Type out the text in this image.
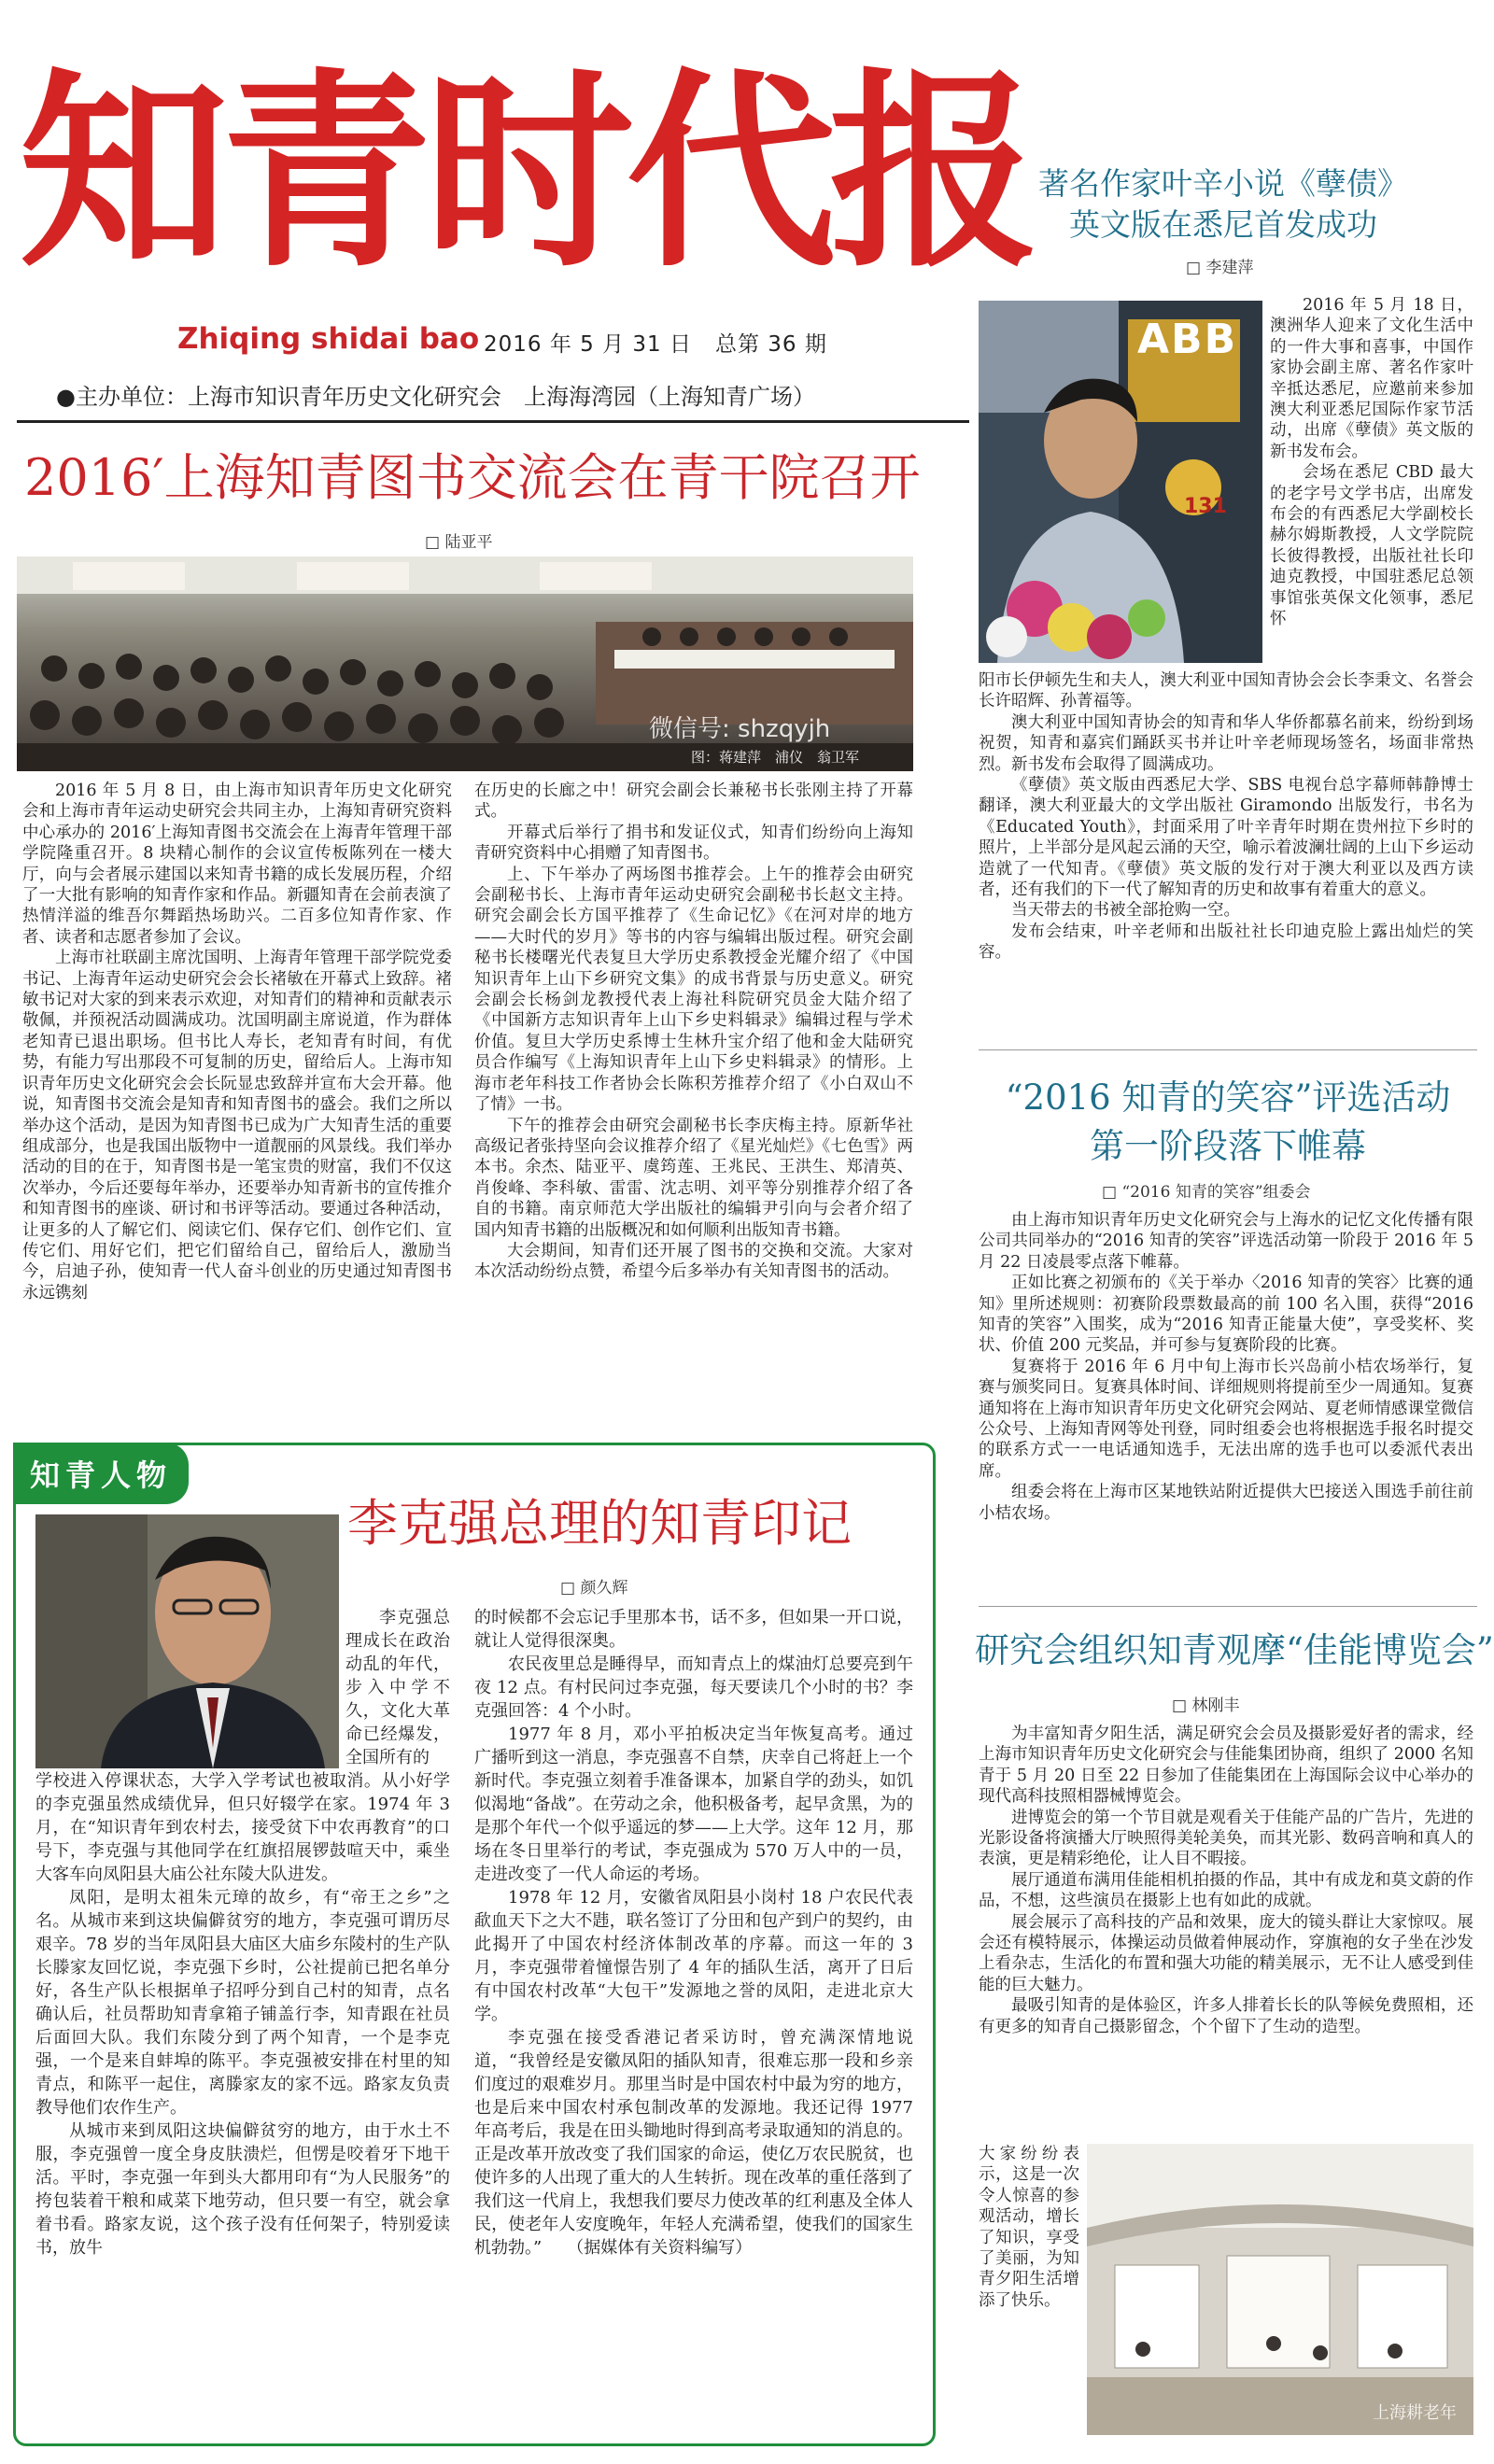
知青时代报
Zhiqing shidai bao 2016 年 5 月 31 日 总第 36 期
●主办单位：上海市知识青年历史文化研究会　上海海湾园（上海知青广场）
2016′上海知青图书交流会在青干院召开
□ 陆亚平
微信号: shzqyjh
图：蒋建萍　浦仪　翁卫军

2016 年 5 月 8 日，由上海市知识青年历史文化研究会和上海市青年运动史研究会共同主办，上海知青研究资料中心承办的 2016′上海知青图书交流会在上海青年管理干部学院隆重召开。8 块精心制作的会议宣传板陈列在一楼大厅，向与会者展示建国以来知青书籍的成长发展历程，介绍了一大批有影响的知青作家和作品。新疆知青在会前表演了热情洋溢的维吾尔舞蹈热场助兴。二百多位知青作家、作者、读者和志愿者参加了会议。

上海市社联副主席沈国明、上海青年管理干部学院党委书记、上海青年运动史研究会会长褚敏在开幕式上致辞。褚敏书记对大家的到来表示欢迎，对知青们的精神和贡献表示敬佩，并预祝活动圆满成功。沈国明副主席说道，作为群体老知青已退出职场。但书比人寿长，老知青有时间，有优势，有能力写出那段不可复制的历史，留给后人。上海市知识青年历史文化研究会会长阮显忠致辞并宣布大会开幕。他说，知青图书交流会是知青和知青图书的盛会。我们之所以举办这个活动，是因为知青图书已成为广大知青生活的重要组成部分，也是我国出版物中一道靓丽的风景线。我们举办活动的目的在于，知青图书是一笔宝贵的财富，我们不仅这次举办，今后还要每年举办，还要举办知青新书的宣传推介和知青图书的座谈、研讨和书评等活动。要通过各种活动，让更多的人了解它们、阅读它们、保存它们、创作它们、宣传它们、用好它们，把它们留给自己，留给后人，激励当今，启迪子孙，使知青一代人奋斗创业的历史通过知青图书永远镌刻

在历史的长廊之中！研究会副会长兼秘书长张刚主持了开幕式。

开幕式后举行了捐书和发证仪式，知青们纷纷向上海知青研究资料中心捐赠了知青图书。

上、下午举办了两场图书推荐会。上午的推荐会由研究会副秘书长、上海市青年运动史研究会副秘书长赵文主持。研究会副会长方国平推荐了《生命记忆》《在河对岸的地方——大时代的岁月》等书的内容与编辑出版过程。研究会副秘书长楼曙光代表复旦大学历史系教授金光耀介绍了《中国知识青年上山下乡研究文集》的成书背景与历史意义。研究会副会长杨剑龙教授代表上海社科院研究员金大陆介绍了《中国新方志知识青年上山下乡史料辑录》编辑过程与学术价值。复旦大学历史系博士生林升宝介绍了他和金大陆研究员合作编写《上海知识青年上山下乡史料辑录》的情形。上海市老年科技工作者协会长陈积芳推荐介绍了《小白双山不了情》一书。

下午的推荐会由研究会副秘书长李庆梅主持。原新华社高级记者张持坚向会议推荐介绍了《星光灿烂》《七色雪》两本书。余杰、陆亚平、虞筠莲、王兆民、王洪生、郑清英、肖俊峰、李科敏、雷雷、沈志明、刘平等分别推荐介绍了各自的书籍。南京师范大学出版社的编辑尹引向与会者介绍了国内知青书籍的出版概况和如何顺利出版知青书籍。

大会期间，知青们还开展了图书的交换和交流。大家对本次活动纷纷点赞，希望今后多举办有关知青图书的活动。

知青人物
李克强总理的知青印记
□ 颜久辉
李克强总理成长在政治动乱的年代，步入中学不久，文化大革命已经爆发，全国所有的

学校进入停课状态，大学入学考试也被取消。从小好学的李克强虽然成绩优异，但只好辍学在家。1974 年 3 月，在“知识青年到农村去，接受贫下中农再教育”的口号下，李克强与其他同学在红旗招展锣鼓喧天中，乘坐大客车向凤阳县大庙公社东陵大队进发。

凤阳，是明太祖朱元璋的故乡，有“帝王之乡”之名。从城市来到这块偏僻贫穷的地方，李克强可谓历尽艰辛。78 岁的当年凤阳县大庙区大庙乡东陵村的生产队长滕家友回忆说，李克强下乡时，公社提前已把名单分好，各生产队长根据单子招呼分到自己村的知青，点名确认后，社员帮助知青拿箱子铺盖行李，知青跟在社员后面回大队。我们东陵分到了两个知青，一个是李克强，一个是来自蚌埠的陈平。李克强被安排在村里的知青点，和陈平一起住，离滕家友的家不远。路家友负责教导他们农作生产。

从城市来到凤阳这块偏僻贫穷的地方，由于水土不服，李克强曾一度全身皮肤溃烂，但愣是咬着牙下地干活。平时，李克强一年到头大都用印有“为人民服务”的挎包装着干粮和咸菜下地劳动，但只要一有空，就会拿着书看。路家友说，这个孩子没有任何架子，特别爱读书，放牛

的时候都不会忘记手里那本书，话不多，但如果一开口说，就让人觉得很深奥。

农民夜里总是睡得早，而知青点上的煤油灯总要亮到午夜 12 点。有村民问过李克强，每天要读几个小时的书？李克强回答：4 个小时。

1977 年 8 月，邓小平拍板决定当年恢复高考。通过广播听到这一消息，李克强喜不自禁，庆幸自己将赶上一个新时代。李克强立刻着手准备课本，加紧自学的劲头，如饥似渴地“备战”。在劳动之余，他积极备考，起早贪黑，为的是那个年代一个似乎遥远的梦——上大学。这年 12 月，那场在冬日里举行的考试，李克强成为 570 万人中的一员，走进改变了一代人命运的考场。

1978 年 12 月，安徽省凤阳县小岗村 18 户农民代表歃血天下之大不韪，联名签订了分田和包产到户的契约，由此揭开了中国农村经济体制改革的序幕。而这一年的 3 月，李克强带着憧憬告别了 4 年的插队生活，离开了日后有中国农村改革“大包干”发源地之誉的凤阳，走进北京大学。

李克强在接受香港记者采访时，曾充满深情地说道，“我曾经是安徽凤阳的插队知青，很难忘那一段和乡亲们度过的艰难岁月。那里当时是中国农村中最为穷的地方，也是后来中国农村承包制改革的发源地。我还记得 1977 年高考后，我是在田头锄地时得到高考录取通知的消息的。正是改革开放改变了我们国家的命运，使亿万农民脱贫，也使许多的人出现了重大的人生转折。现在改革的重任落到了我们这一代肩上，我想我们要尽力使改革的红利惠及全体人民，使老年人安度晚年，年轻人充满希望，使我们的国家生机勃勃。”　　（据媒体有关资料编写）

著名作家叶辛小说《孽债》
英文版在悉尼首发成功
□ 李建萍
ABB
131

2016 年 5 月 18 日，澳洲华人迎来了文化生活中的一件大事和喜事，中国作家协会副主席、著名作家叶辛抵达悉尼，应邀前来参加澳大利亚悉尼国际作家节活动，出席《孽债》英文版的新书发布会。

会场在悉尼 CBD 最大的老字号文学书店，出席发布会的有西悉尼大学副校长赫尔姆斯教授，人文学院院长彼得教授，出版社社长印迪克教授，中国驻悉尼总领事馆张英保文化领事，悉尼怀

阳市长伊顿先生和夫人，澳大利亚中国知青协会会长李秉文、名誉会长许昭辉、孙菁福等。

澳大利亚中国知青协会的知青和华人华侨都慕名前来，纷纷到场祝贺，知青和嘉宾们踊跃买书并让叶辛老师现场签名，场面非常热烈。新书发布会取得了圆满成功。

《孽债》英文版由西悉尼大学、SBS 电视台总字幕师韩静博士翻译，澳大利亚最大的文学出版社 Giramondo 出版发行，书名为《Educated Youth》，封面采用了叶辛青年时期在贵州拉下乡时的照片，上半部分是风起云涌的天空，喻示着波澜壮阔的上山下乡运动造就了一代知青。《孽债》英文版的发行对于澳大利亚以及西方读者，还有我们的下一代了解知青的历史和故事有着重大的意义。

当天带去的书被全部抢购一空。

发布会结束，叶辛老师和出版社社长印迪克脸上露出灿烂的笑容。

“2016 知青的笑容”评选活动
第一阶段落下帷幕
□ “2016 知青的笑容”组委会

由上海市知识青年历史文化研究会与上海水的记忆文化传播有限公司共同举办的“2016 知青的笑容”评选活动第一阶段于 2016 年 5 月 22 日凌晨零点落下帷幕。

正如比赛之初颁布的《关于举办〈2016 知青的笑容〉比赛的通知》里所述规则：初赛阶段票数最高的前 100 名入围，获得“2016 知青的笑容”入围奖，成为“2016 知青正能量大使”，享受奖杯、奖状、价值 200 元奖品，并可参与复赛阶段的比赛。

复赛将于 2016 年 6 月中旬上海市长兴岛前小桔农场举行，复赛与颁奖同日。复赛具体时间、详细规则将提前至少一周通知。复赛通知将在上海市知识青年历史文化研究会网站、夏老师情感课堂微信公众号、上海知青网等处刊登，同时组委会也将根据选手报名时提交的联系方式一一电话通知选手，无法出席的选手也可以委派代表出席。

组委会将在上海市区某地铁站附近提供大巴接送入围选手前往前小桔农场。

研究会组织知青观摩“佳能博览会”
□ 林刚丰

为丰富知青夕阳生活，满足研究会会员及摄影爱好者的需求，经上海市知识青年历史文化研究会与佳能集团协商，组织了 2000 名知青于 5 月 20 日至 22 日参加了佳能集团在上海国际会议中心举办的现代高科技照相器械博览会。

进博览会的第一个节目就是观看关于佳能产品的广告片，先进的光影设备将演播大厅映照得美轮美奂，而其光影、数码音响和真人的表演，更是精彩绝伦，让人目不暇接。

展厅通道布满用佳能相机拍摄的作品，其中有成龙和莫文蔚的作品，不想，这些演员在摄影上也有如此的成就。

展会展示了高科技的产品和效果，庞大的镜头群让大家惊叹。展会还有模特展示，体操运动员做着伸展动作，穿旗袍的女子坐在沙发上看杂志，生活化的布置和强大功能的精美展示，无不让人感受到佳能的巨大魅力。

最吸引知青的是体验区，许多人排着长长的队等候免费照相，还有更多的知青自己摄影留念，个个留下了生动的造型。

大家纷纷表示，这是一次令人惊喜的参观活动，增长了知识，享受了美丽，为知青夕阳生活增添了快乐。
上海耕老年
